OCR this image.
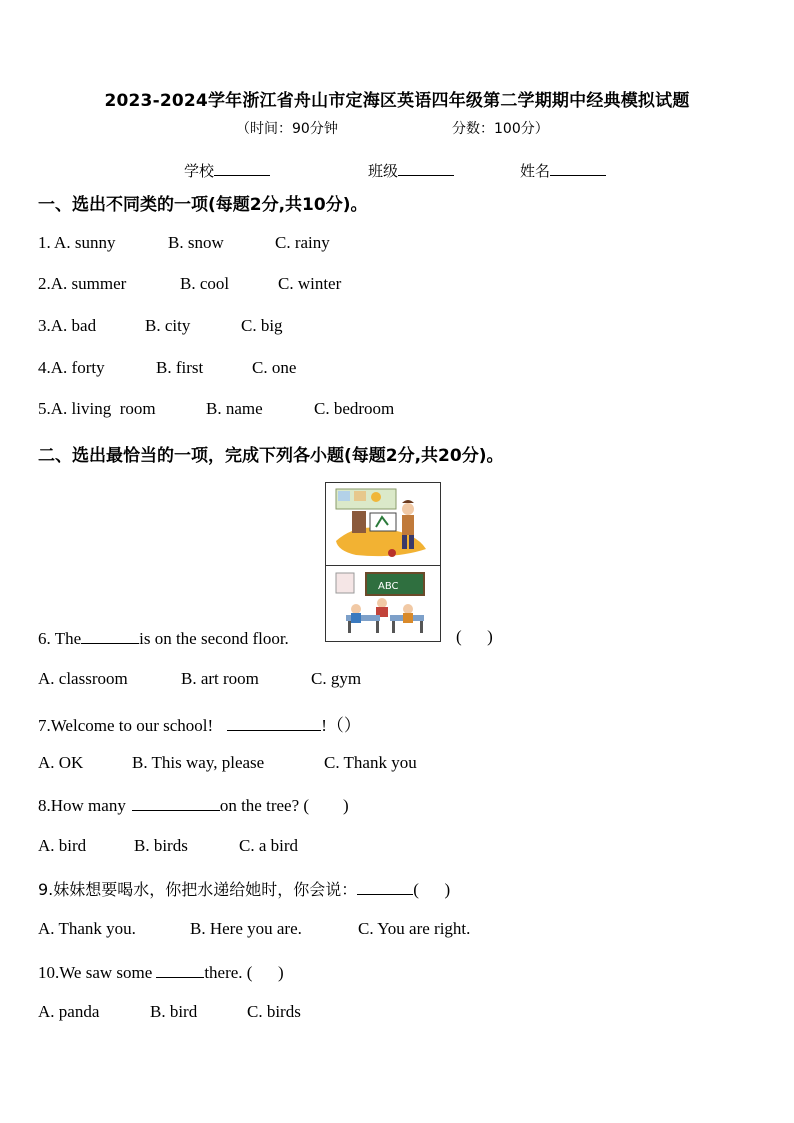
2023-2024学年浙江省舟山市定海区英语四年级第二学期期中经典模拟试题
（时间：90分钟	分数：100分）
学校	班级	姓名
一、选出不同类的一项(每题2分,共10分)。
1. A. sunny	B. snow	C. rainy
2.A. summer	B. cool	C. winter
3.A. bad	B. city	C. big
4.A. forty	B. first	C. one
5.A. living  room	B. name	C. bedroom
二、选出最恰当的一项，完成下列各小题(每题2分,共20分)。
ABC
6. The	is on the second floor.	(      )
A. classroom	B. art room	C. gym
7.Welcome to our school!	!（）
A. OK	B. This way, please	C. Thank you
8.How many	on the tree? (        )
A. bird	B. birds	C. a bird
9.妹妹想要喝水，你把水递给她时，你会说：	(      )
A. Thank you.	B. Here you are.	C. You are right.
10.We saw some	there. (      )
A. panda	B. bird	C. birds
